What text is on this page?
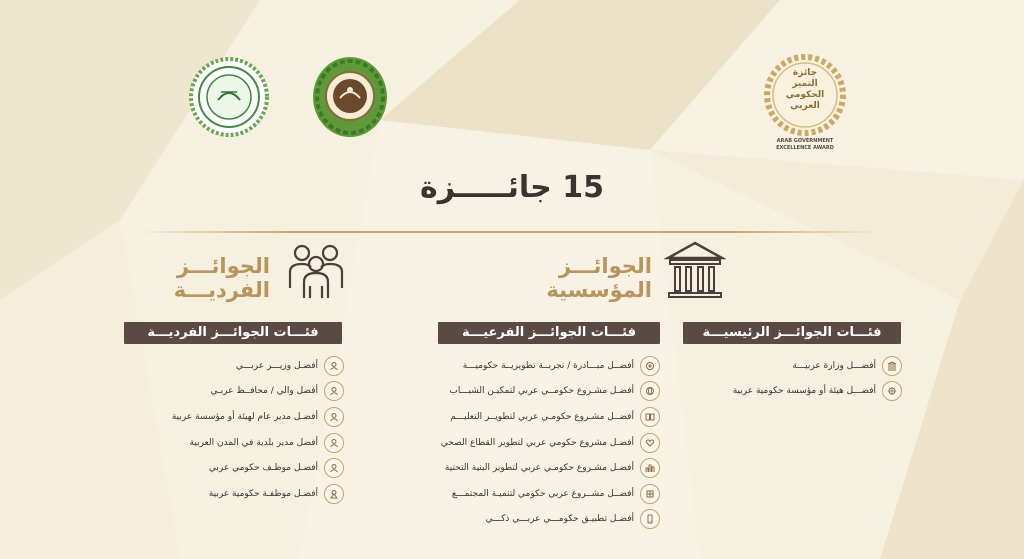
جائزة
التميز
الحكومي
العربي
ARAB GOVERNMENT EXCELLENCE AWARD
15 جائـــــزة
الجوائـــز
المؤسسية
الجوائـــز
الفرديـــة
فئـــات الجوائـــز الرئيسيـــة
فئـــات الجوائـــز الفرعيـــة
فئـــات الجوائـــز الفرديـــة
أفضـــل وزارة عربيـــة
أفضـــل هيئة أو مؤسسة حكومية عربية
أفضــل مبـــادرة / تجربــة تطويريــة حكوميـــة
أفضـل مشـروع حكومــي عربي لتمكيـن الشبـــاب
أفضــل مشـروع حكومـي عربي لتطويــر التعليـــم
أفضـل مشروع حكومي عربي لتطوير القطاع الصحي
أفضـل مشـروع حكومـي عربي لتطوير البنية التحتية
أفضــل مشــروع عربي حكومي لتنميـة المجتمـــع
أفضـل تطبيـق حكومـــي عربـــي ذكـــي
أفضـل وزيـــر عربـــي
أفضل والي / محافــظ عربـي
أفضـل مدير عام لهيئة أو مؤسسة عربية
أفضل مدير بلدية في المدن العربية
أفضـل موظـف حكومي عربي
أفضـل موظفـة حكومية عربية
